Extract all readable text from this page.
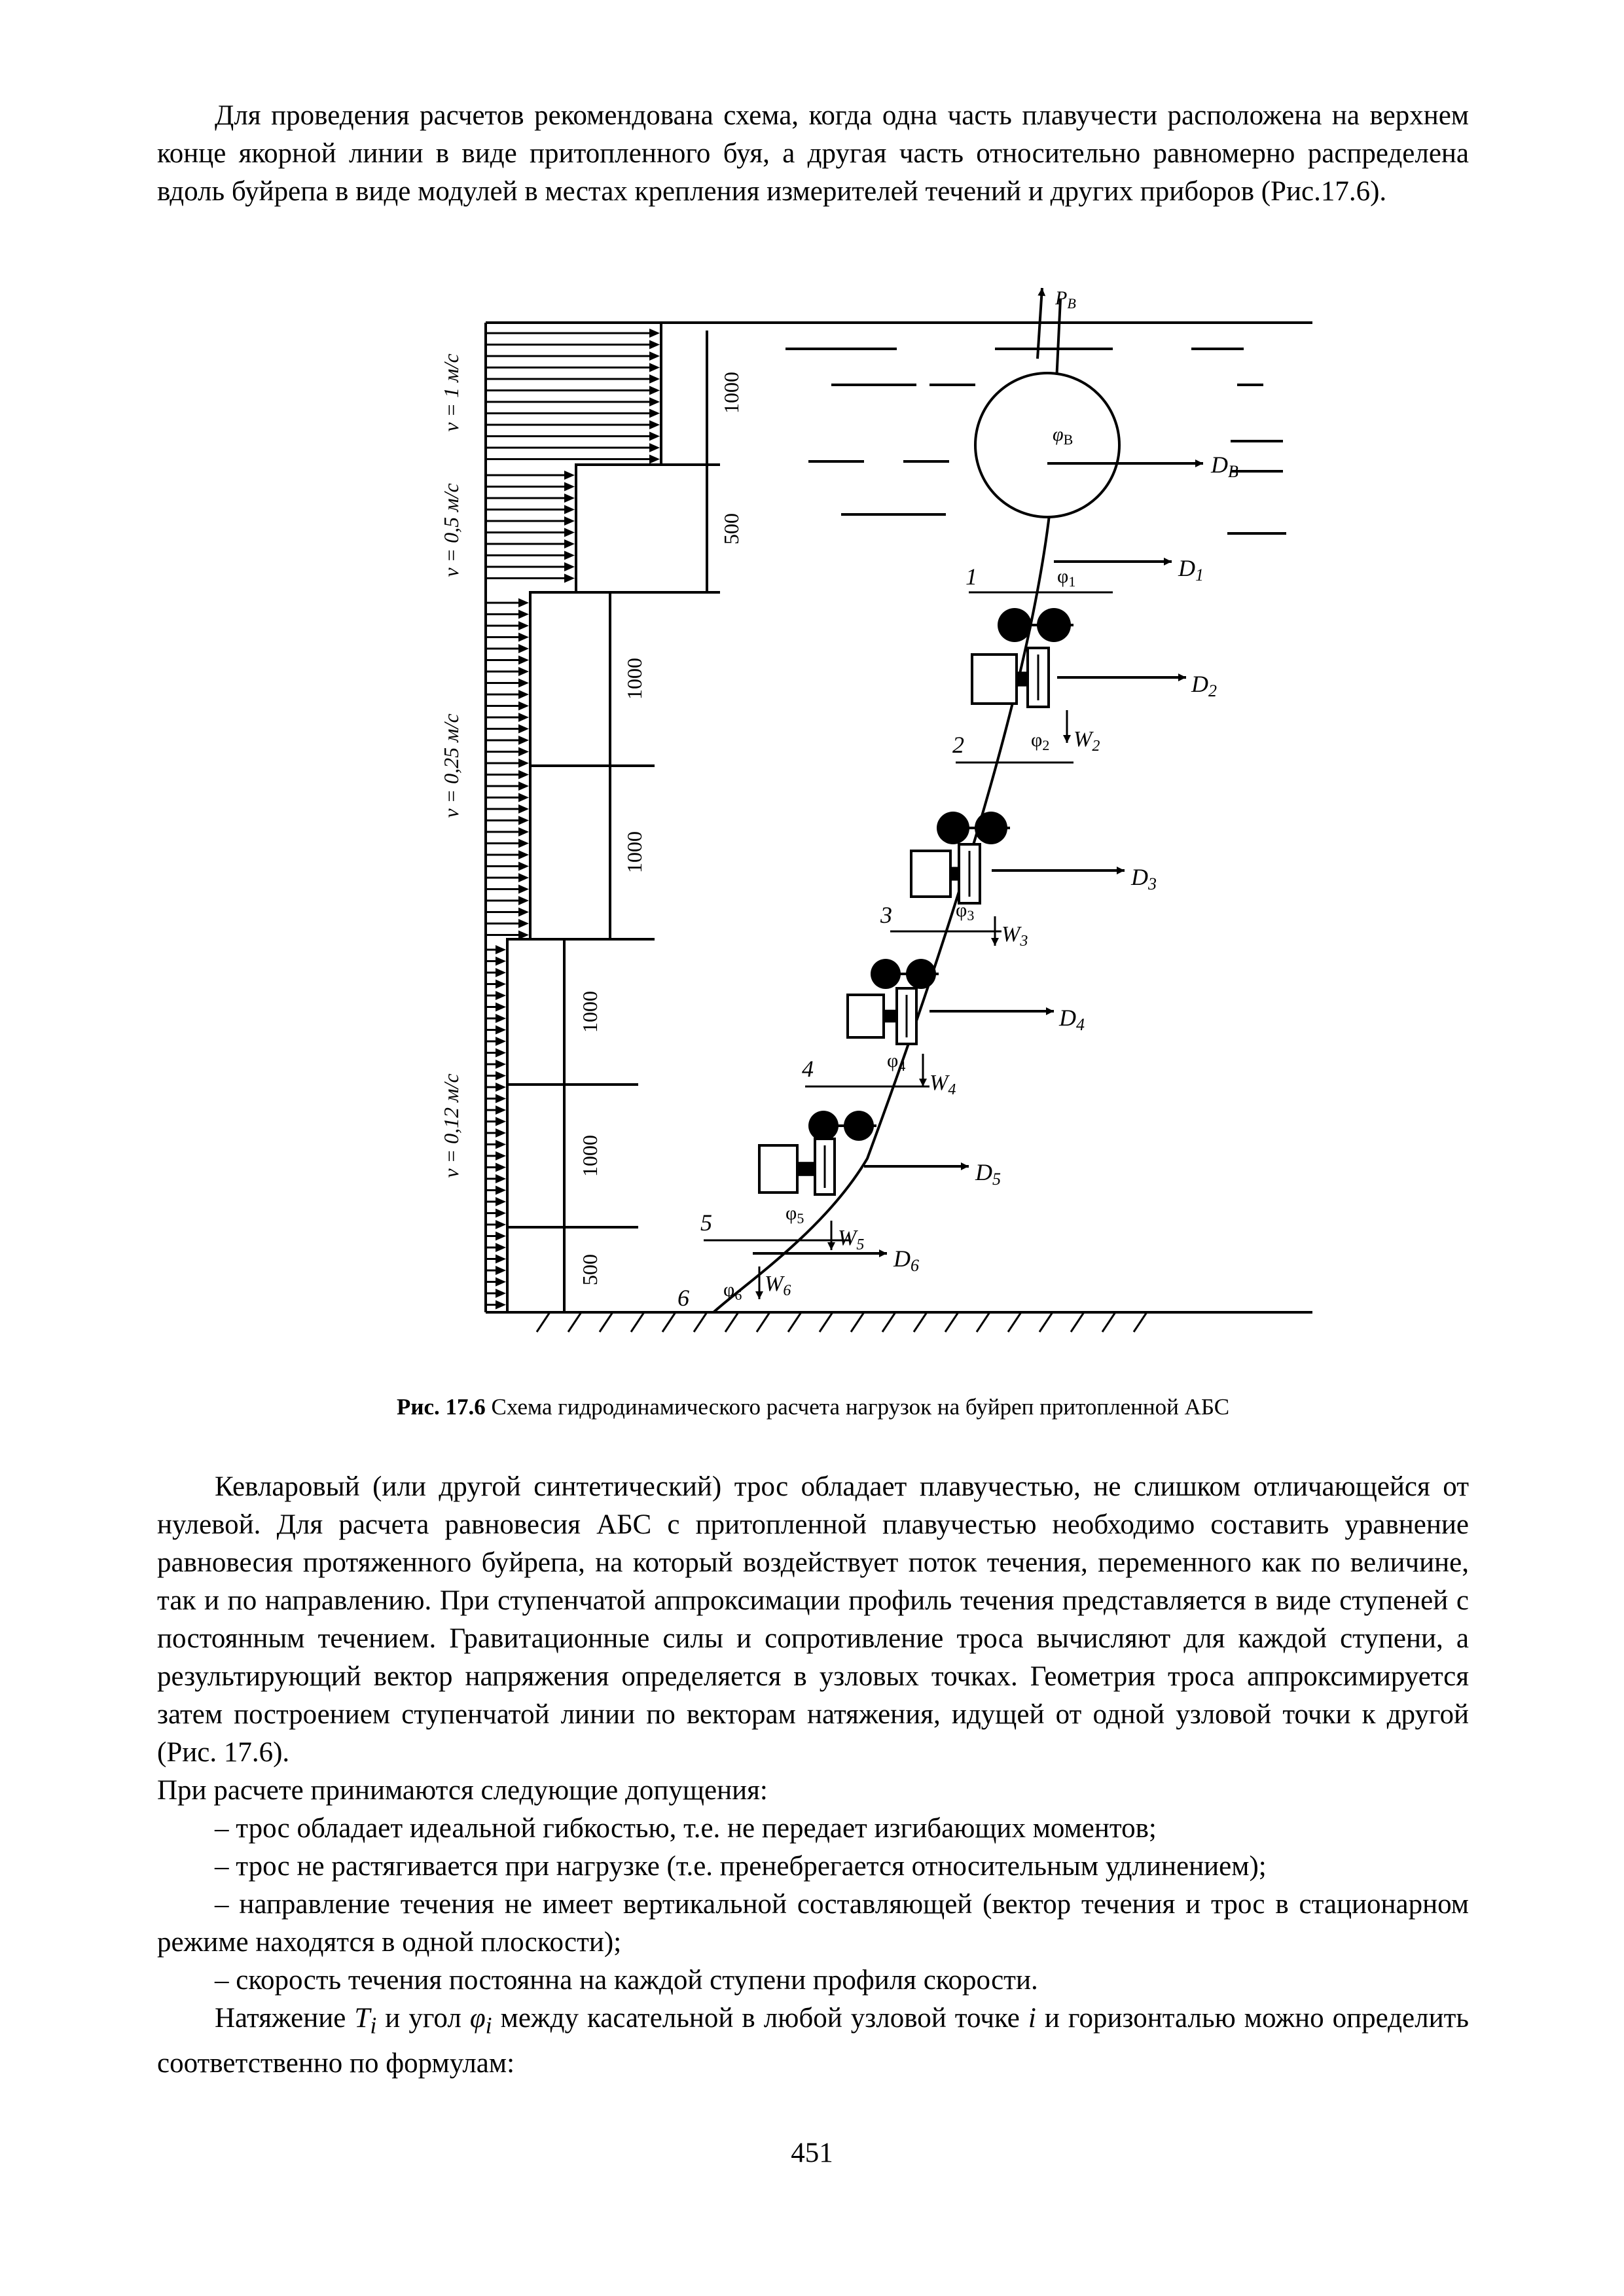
Для проведения расчетов рекомендована схема, когда одна часть плавучести расположена на верхнем конце якорной линии в виде притопленного буя, а другая часть относительно равномерно распределена вдоль буйрепа в виде модулей в местах крепления измерителей течений и других приборов (Рис.17.6).

$P_B$
$\varphi_B$
DB
v = 1 м/с
v = 0,5 м/с
v = 0,25 м/с
v = 0,12 м/с
1000
500
1000
1000
1000
1000
500
1	$\varphi_1$
D1
2	$\varphi_2$
D2
$W_2$
3	$\varphi_3$
D3
$W_3$
4	$\varphi_4$
D4
$W_4$
5	$\varphi_5$
D5
$W_5$
6 $\varphi_6$
D6
$W_6$

Рис. 17.6 Схема гидродинамического расчета нагрузок на буйреп притопленной АБС

Кевларовый (или другой синтетический) трос обладает плавучестью, не слишком отличающейся от нулевой. Для расчета равновесия АБС с притопленной плавучестью необходимо составить уравнение равновесия протяженного буйрепа, на который воздействует поток течения, переменного как по величине, так и по направлению. При ступенчатой аппроксимации профиль течения представляется в виде ступеней с постоянным течением. Гравитационные силы и сопротивление троса вычисляют для каждой ступени, а результирующий вектор напряжения определяется в узловых точках. Геометрия троса аппроксимируется затем построением ступенчатой линии по векторам натяжения, идущей от одной узловой точки к другой (Рис. 17.6).

При расчете принимаются следующие допущения:

– трос обладает идеальной гибкостью, т.е. не передает изгибающих моментов;

– трос не растягивается при нагрузке (т.е. пренебрегается относительным удлинением);

– направление течения не имеет вертикальной составляющей (вектор течения и трос в стационарном режиме находятся в одной плоскости);

– скорость течения постоянна на каждой ступени профиля скорости.

Натяжение $T_i$ и угол $\varphi_i$ между касательной в любой узловой точке i и горизонталью можно определить соответственно по формулам:

451
